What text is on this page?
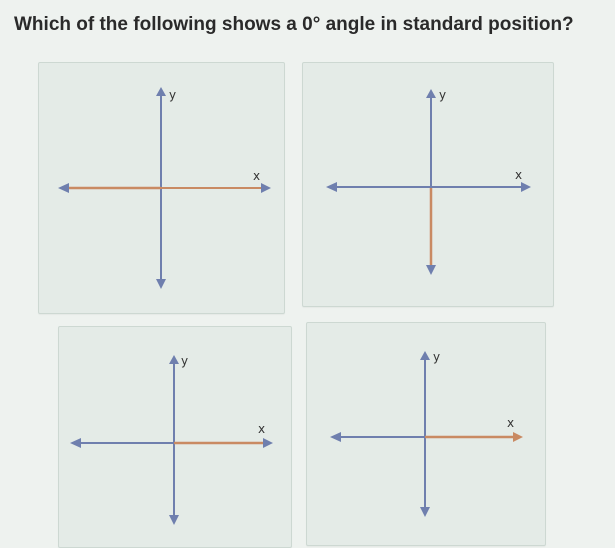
Which of the following shows a 0° angle in standard position?
y
x
y
x
y
x
y
x
